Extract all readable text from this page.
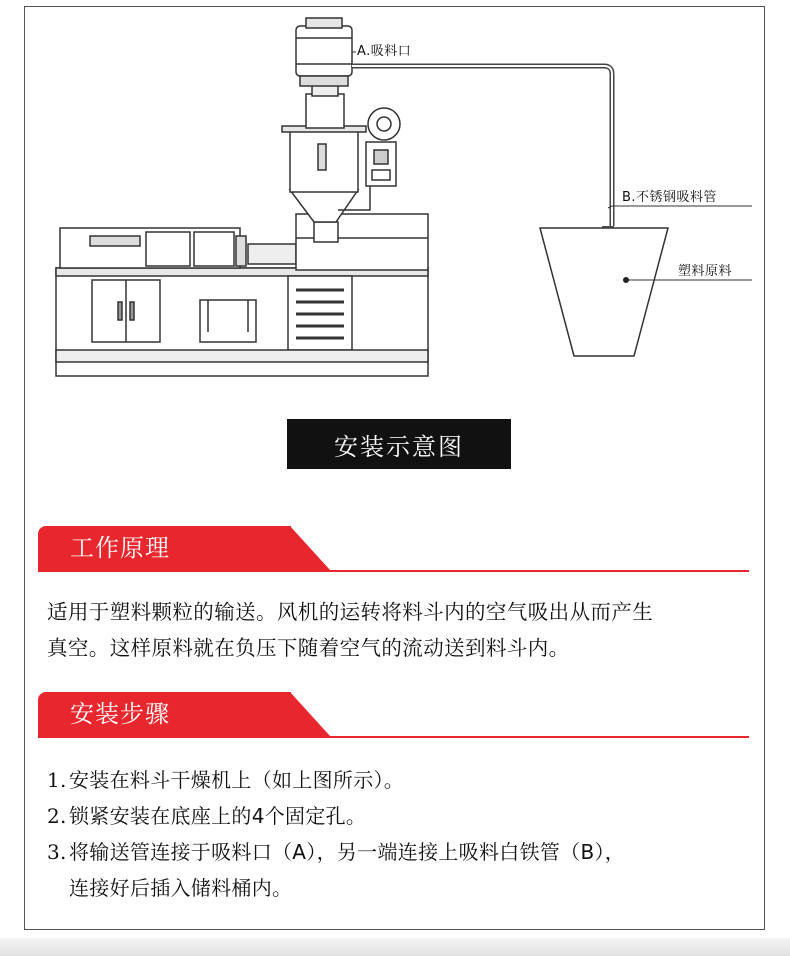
A.吸料口
B.不锈钢吸料管
塑料原料
安装示意图
工作原理
适用于塑料颗粒的输送。风机的运转将料斗内的空气吸出从而产生
真空。这样原料就在负压下随着空气的流动送到料斗内。
安装步骤
1. 安装在料斗干燥机上（如上图所示）。
2. 锁紧安装在底座上的4个固定孔。
3. 将输送管连接于吸料口（A），另一端连接上吸料白铁管（B），
连接好后插入储料桶内。
